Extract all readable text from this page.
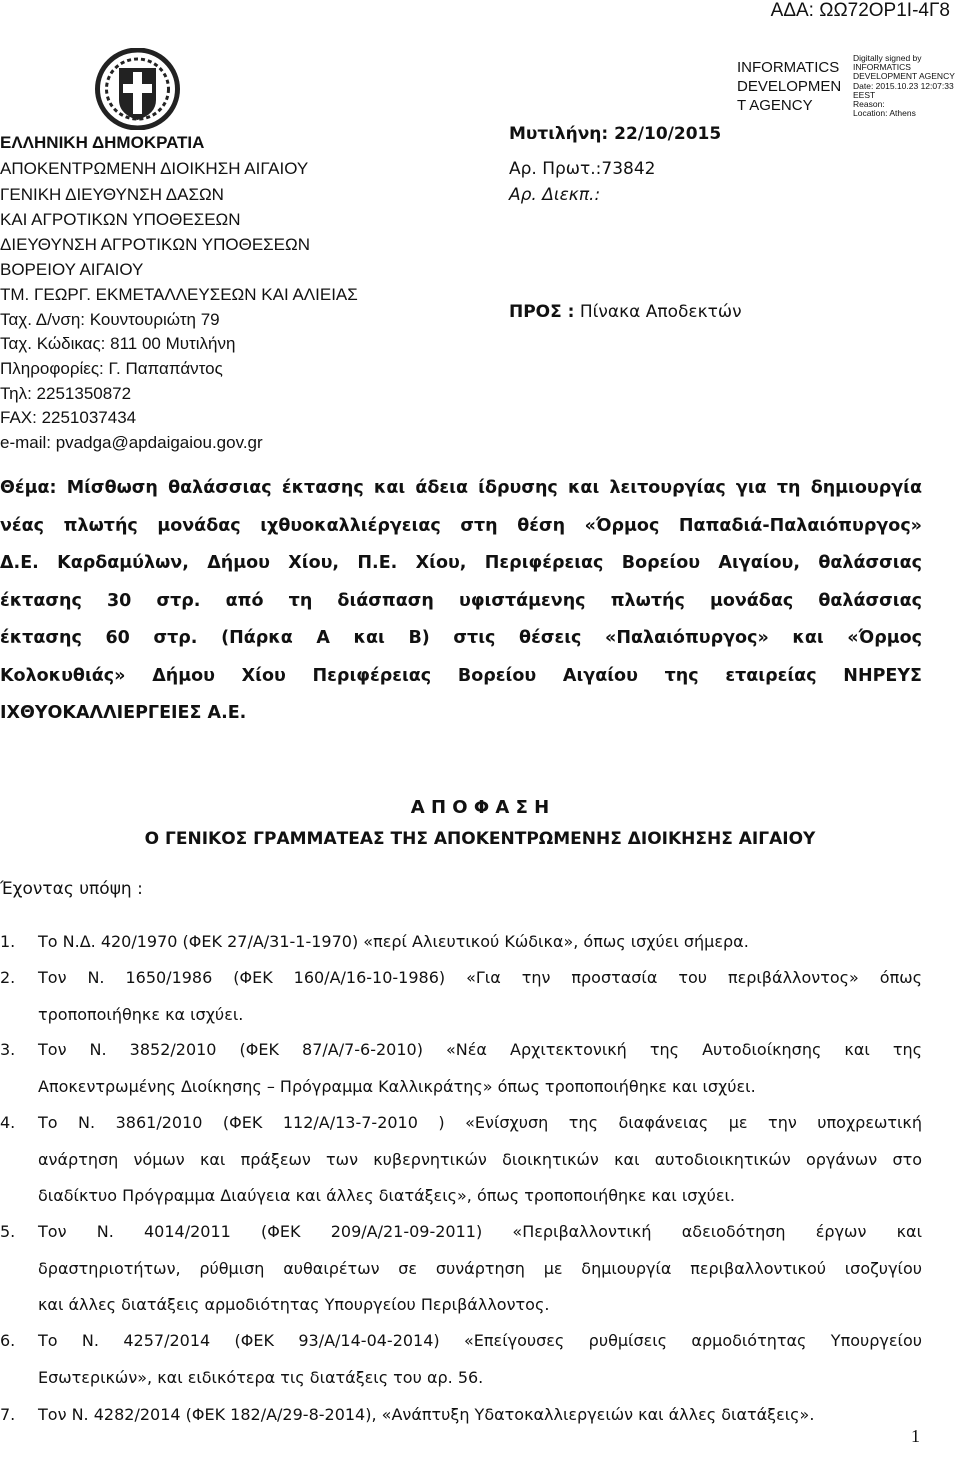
ΑΔΑ: ΩΩ72ΟΡ1Ι-4Γ8
ΕΛΛΗΝΙΚΗ ΔΗΜΟΚΡΑΤΙΑ
ΑΠΟΚΕΝΤΡΩΜΕΝΗ ΔΙΟΙΚΗΣΗ ΑΙΓΑΙΟΥ
ΓΕΝΙΚΗ ΔΙΕΥΘΥΝΣΗ ΔΑΣΩΝ
ΚΑΙ ΑΓΡΟΤΙΚΩΝ ΥΠΟΘΕΣΕΩΝ
ΔΙΕΥΘΥΝΣΗ ΑΓΡΟΤΙΚΩΝ ΥΠΟΘΕΣΕΩΝ
ΒΟΡΕΙΟΥ ΑΙΓΑΙΟΥ
ΤΜ. ΓΕΩΡΓ. ΕΚΜΕΤΑΛΛΕΥΣΕΩΝ ΚΑΙ ΑΛΙΕΙΑΣ
Ταχ. Δ/νση: Κουντουριώτη 79
Ταχ. Κώδικας: 811 00 Μυτιλήνη
Πληροφορίες: Γ. Παπαπάντος
Τηλ: 2251350872
FAX: 2251037434
e-mail: pvadga@apdaigaiou.gov.gr
Μυτιλήνη: 22/10/2015
Αρ. Πρωτ.:73842
Αρ. Διεκπ.:
ΠΡΟΣ : Πίνακα Αποδεκτών
INFORMATICS
DEVELOPMEN
T AGENCY
Digitally signed by
INFORMATICS
DEVELOPMENT AGENCY
Date: 2015.10.23 12:07:33
EEST
Reason:
Location: Athens
Θέμα: Μίσθωση θαλάσσιας έκτασης και άδεια ίδρυσης και λειτουργίας για τη δημιουργία
νέας πλωτής μονάδας ιχθυοκαλλιέργειας στη θέση «Όρμος Παπαδιά-Παλαιόπυργος»
Δ.Ε. Καρδαμύλων, Δήμου Χίου, Π.Ε. Χίου, Περιφέρειας Βορείου Αιγαίου, θαλάσσιας
έκτασης 30 στρ. από τη διάσπαση υφιστάμενης πλωτής μονάδας θαλάσσιας
έκτασης 60 στρ. (Πάρκα Α και Β) στις θέσεις «Παλαιόπυργος» και «Όρμος
Κολοκυθιάς» Δήμου Χίου Περιφέρειας Βορείου Αιγαίου της εταιρείας ΝΗΡΕΥΣ
ΙΧΘΥΟΚΑΛΛΙΕΡΓΕΙΕΣ Α.Ε.
Α Π Ο Φ Α Σ Η
Ο ΓΕΝΙΚΟΣ ΓΡΑΜΜΑΤΕΑΣ ΤΗΣ ΑΠΟΚΕΝΤΡΩΜΕΝΗΣ ΔΙΟΙΚΗΣΗΣ ΑΙΓΑΙΟΥ
Έχοντας υπόψη :
1. Το Ν.Δ. 420/1970 (ΦΕΚ 27/Α/31-1-1970) «περί Αλιευτικού Κώδικα», όπως ισχύει σήμερα.
2. Τον Ν. 1650/1986 (ΦΕΚ 160/Α/16-10-1986) «Για την προστασία του περιβάλλοντος» όπως
τροποποιήθηκε κα ισχύει.
3. Τον Ν. 3852/2010 (ΦΕΚ 87/Α/7-6-2010) «Νέα Αρχιτεκτονική της Αυτοδιοίκησης και της
Αποκεντρωμένης Διοίκησης – Πρόγραμμα Καλλικράτης» όπως τροποποιήθηκε και ισχύει.
4. Το Ν. 3861/2010 (ΦΕΚ 112/Α/13-7-2010 ) «Ενίσχυση της διαφάνειας με την υποχρεωτική
ανάρτηση νόμων και πράξεων των κυβερνητικών διοικητικών και αυτοδιοικητικών οργάνων στο
διαδίκτυο Πρόγραμμα Διαύγεια και άλλες διατάξεις», όπως τροποποιήθηκε και ισχύει.
5. Τον Ν. 4014/2011 (ΦΕΚ 209/Α/21-09-2011) «Περιβαλλοντική αδειοδότηση έργων και
δραστηριοτήτων, ρύθμιση αυθαιρέτων σε συνάρτηση με δημιουργία περιβαλλοντικού ισοζυγίου
και άλλες διατάξεις αρμοδιότητας Υπουργείου Περιβάλλοντος.
6. Το Ν. 4257/2014 (ΦΕΚ 93/Α/14-04-2014) «Επείγουσες ρυθμίσεις αρμοδιότητας Υπουργείου
Εσωτερικών», και ειδικότερα τις διατάξεις του αρ. 56.
7. Τον Ν. 4282/2014 (ΦΕΚ 182/Α/29-8-2014), «Ανάπτυξη Υδατοκαλλιεργειών και άλλες διατάξεις».
1
